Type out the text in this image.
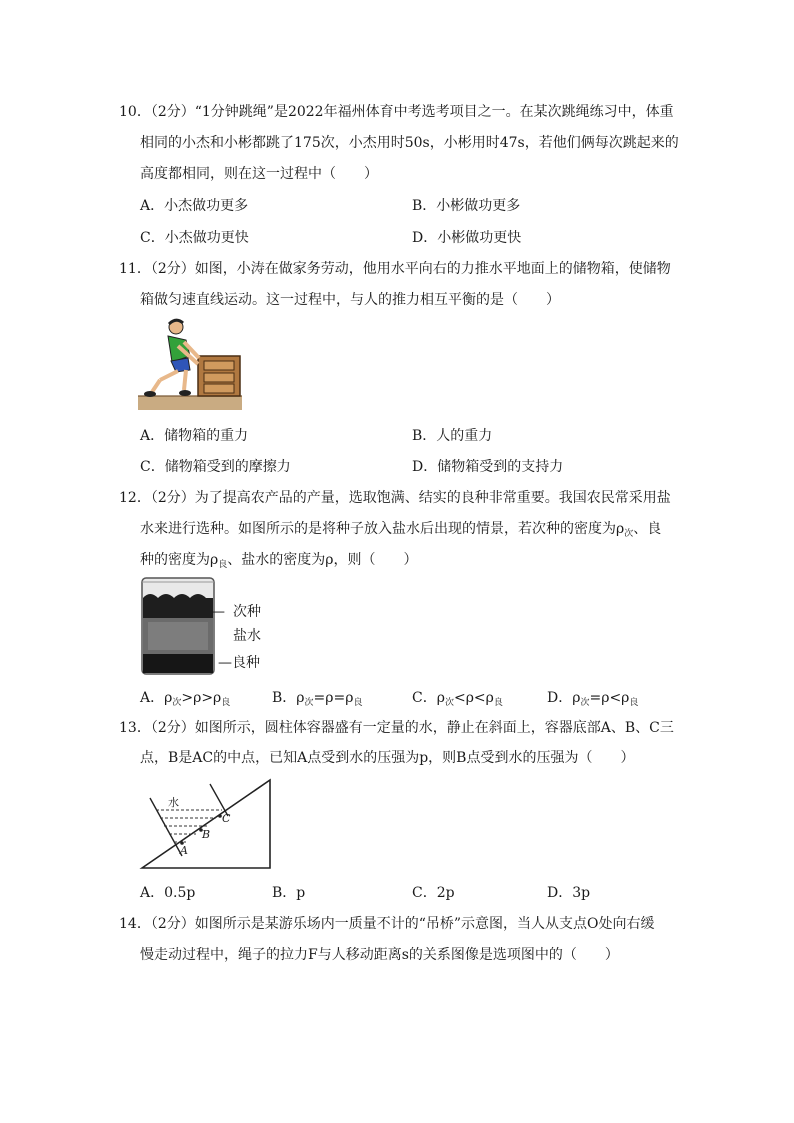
10．（2分）“1分钟跳绳”是2022年福州体育中考选考项目之一。在某次跳绳练习中，体重
相同的小杰和小彬都跳了175次，小杰用时50s，小彬用时47s，若他们俩每次跳起来的
高度都相同，则在这一过程中（　　）
A．小杰做功更多	B．小彬做功更多
C．小杰做功更快	D．小彬做功更快
11．（2分）如图，小涛在做家务劳动，他用水平向右的力推水平地面上的储物箱，使储物
箱做匀速直线运动。这一过程中，与人的推力相互平衡的是（　　）
A．储物箱的重力	B．人的重力
C．储物箱受到的摩擦力	D．储物箱受到的支持力
12．（2分）为了提高农产品的产量，选取饱满、结实的良种非常重要。我国农民常采用盐
水来进行选种。如图所示的是将种子放入盐水后出现的情景，若次种的密度为$\rho_次$、良
种的密度为$\rho_良$、盐水的密度为ρ，则（　　）
— 次种
盐水
— 良种
A．$\rho_次>\rho>\rho_良$	B．$\rho_次=\rho=\rho_良$	C．$\rho_次<\rho<\rho_良$	D．$\rho_次=\rho<\rho_良$
13．（2分）如图所示，圆柱体容器盛有一定量的水，静止在斜面上，容器底部A、B、C三
点，B是AC的中点，已知A点受到水的压强为p，则B点受到水的压强为（　　）
水
C
B
A
A．0.5p	B．p	C．2p	D．3p
14．（2分）如图所示是某游乐场内一质量不计的“吊桥”示意图，当人从支点O处向右缓
慢走动过程中，绳子的拉力F与人移动距离s的关系图像是选项图中的（　　）
